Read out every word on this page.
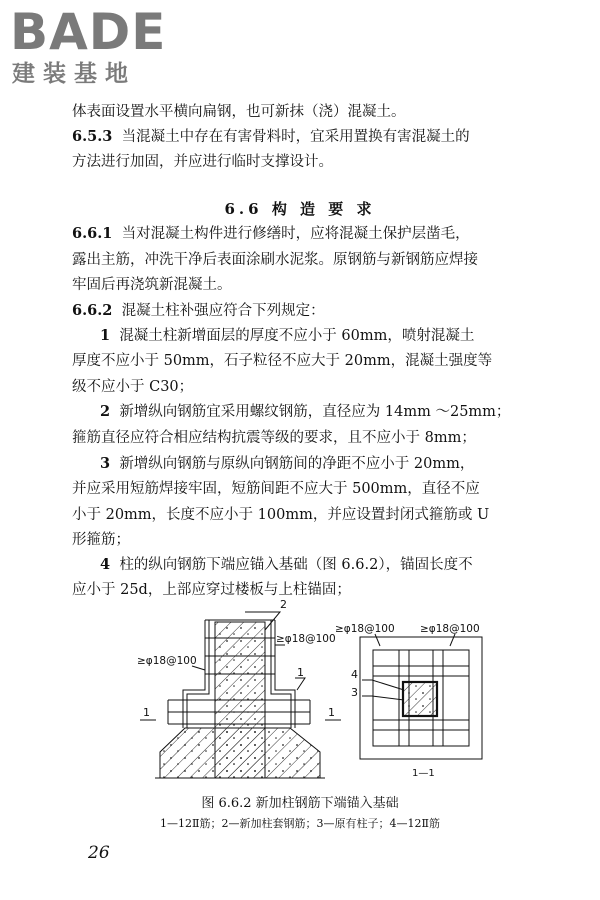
BADE
建装基地
体表面设置水平横向扁钢，也可新抹（浇）混凝土。
6.5.3 当混凝土中存在有害骨料时，宜采用置换有害混凝土的
方法进行加固，并应进行临时支撑设计。
6.6 构 造 要 求
6.6.1 当对混凝土构件进行修缮时，应将混凝土保护层凿毛，
露出主筋，冲洗干净后表面涂刷水泥浆。原钢筋与新钢筋应焊接
牢固后再浇筑新混凝土。
6.6.2 混凝土柱补强应符合下列规定：
1 混凝土柱新增面层的厚度不应小于 60mm，喷射混凝土
厚度不应小于 50mm，石子粒径不应大于 20mm，混凝土强度等
级不应小于 C30；
2 新增纵向钢筋宜采用螺纹钢筋，直径应为 14mm ～25mm；
箍筋直径应符合相应结构抗震等级的要求，且不应小于 8mm；
3 新增纵向钢筋与原纵向钢筋间的净距不应小于 20mm，
并应采用短筋焊接牢固，短筋间距不应大于 500mm，直径不应
小于 20mm，长度不应小于 100mm，并应设置封闭式箍筋或 U
形箍筋；
4 柱的纵向钢筋下端应锚入基础（图 6.6.2），锚固长度不
应小于 25d，上部应穿过楼板与上柱锚固；
2
≥φ18@100
≥φ18@100
1
1	1
≥φ18@100 ≥φ18@100
4
3
1—1
图 6.6.2 新加柱钢筋下端锚入基础
1—12Ⅱ筋；2—新加柱套钢筋；3—原有柱子；4—12Ⅱ筋
26
